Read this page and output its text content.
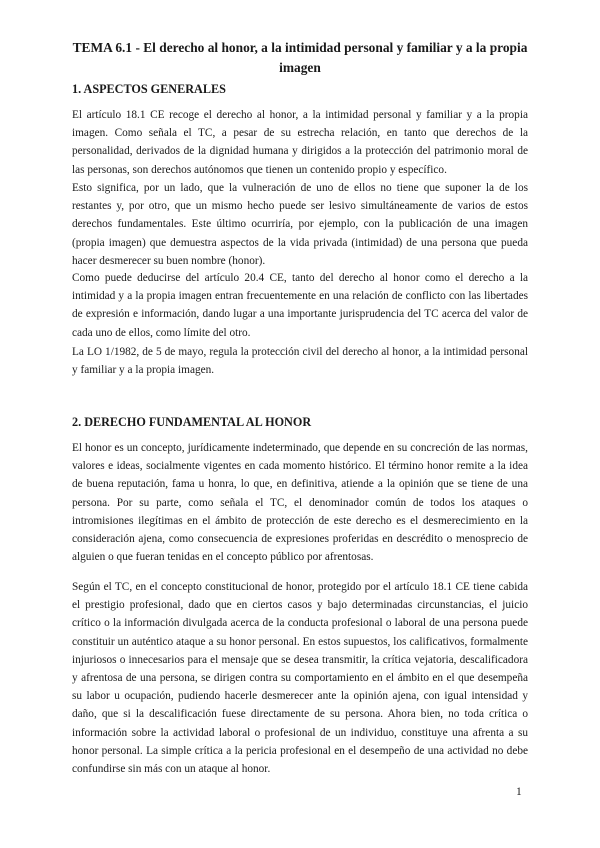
TEMA 6.1 - El derecho al honor, a la intimidad personal y familiar y a la propia imagen
1. ASPECTOS GENERALES
El artículo 18.1 CE recoge el derecho al honor, a la intimidad personal y familiar y a la propia imagen. Como señala el TC, a pesar de su estrecha relación, en tanto que derechos de la personalidad, derivados de la dignidad humana y dirigidos a la protección del patrimonio moral de las personas, son derechos autónomos que tienen un contenido propio y específico.
Esto significa, por un lado, que la vulneración de uno de ellos no tiene que suponer la de los restantes y, por otro, que un mismo hecho puede ser lesivo simultáneamente de varios de estos derechos fundamentales. Este último ocurriría, por ejemplo, con la publicación de una imagen (propia imagen) que demuestra aspectos de la vida privada (intimidad) de una persona que pueda hacer desmerecer su buen nombre (honor).
Como puede deducirse del artículo 20.4 CE, tanto del derecho al honor como el derecho a la intimidad y a la propia imagen entran frecuentemente en una relación de conflicto con las libertades de expresión e información, dando lugar a una importante jurisprudencia del TC acerca del valor de cada uno de ellos, como límite del otro.
La LO 1/1982, de 5 de mayo, regula la protección civil del derecho al honor, a la intimidad personal y familiar y a la propia imagen.
2. DERECHO FUNDAMENTAL AL HONOR
El honor es un concepto, jurídicamente indeterminado, que depende en su concreción de las normas, valores e ideas, socialmente vigentes en cada momento histórico. El término honor remite a la idea de buena reputación, fama u honra, lo que, en definitiva, atiende a la opinión que se tiene de una persona. Por su parte, como señala el TC, el denominador común de todos los ataques o intromisiones ilegítimas en el ámbito de protección de este derecho es el desmerecimiento en la consideración ajena, como consecuencia de expresiones proferidas en descrédito o menosprecio de alguien o que fueran tenidas en el concepto público por afrentosas.
Según el TC, en el concepto constitucional de honor, protegido por el artículo 18.1 CE tiene cabida el prestigio profesional, dado que en ciertos casos y bajo determinadas circunstancias, el juicio crítico o la información divulgada acerca de la conducta profesional o laboral de una persona puede constituir un auténtico ataque a su honor personal. En estos supuestos, los calificativos, formalmente injuriosos o innecesarios para el mensaje que se desea transmitir, la crítica vejatoria, descalificadora y afrentosa de una persona, se dirigen contra su comportamiento en el ámbito en el que desempeña su labor u ocupación, pudiendo hacerle desmerecer ante la opinión ajena, con igual intensidad y daño, que si la descalificación fuese directamente de su persona. Ahora bien, no toda crítica o información sobre la actividad laboral o profesional de un individuo, constituye una afrenta a su honor personal. La simple crítica a la pericia profesional en el desempeño de una actividad no debe confundirse sin más con un ataque al honor.
1
